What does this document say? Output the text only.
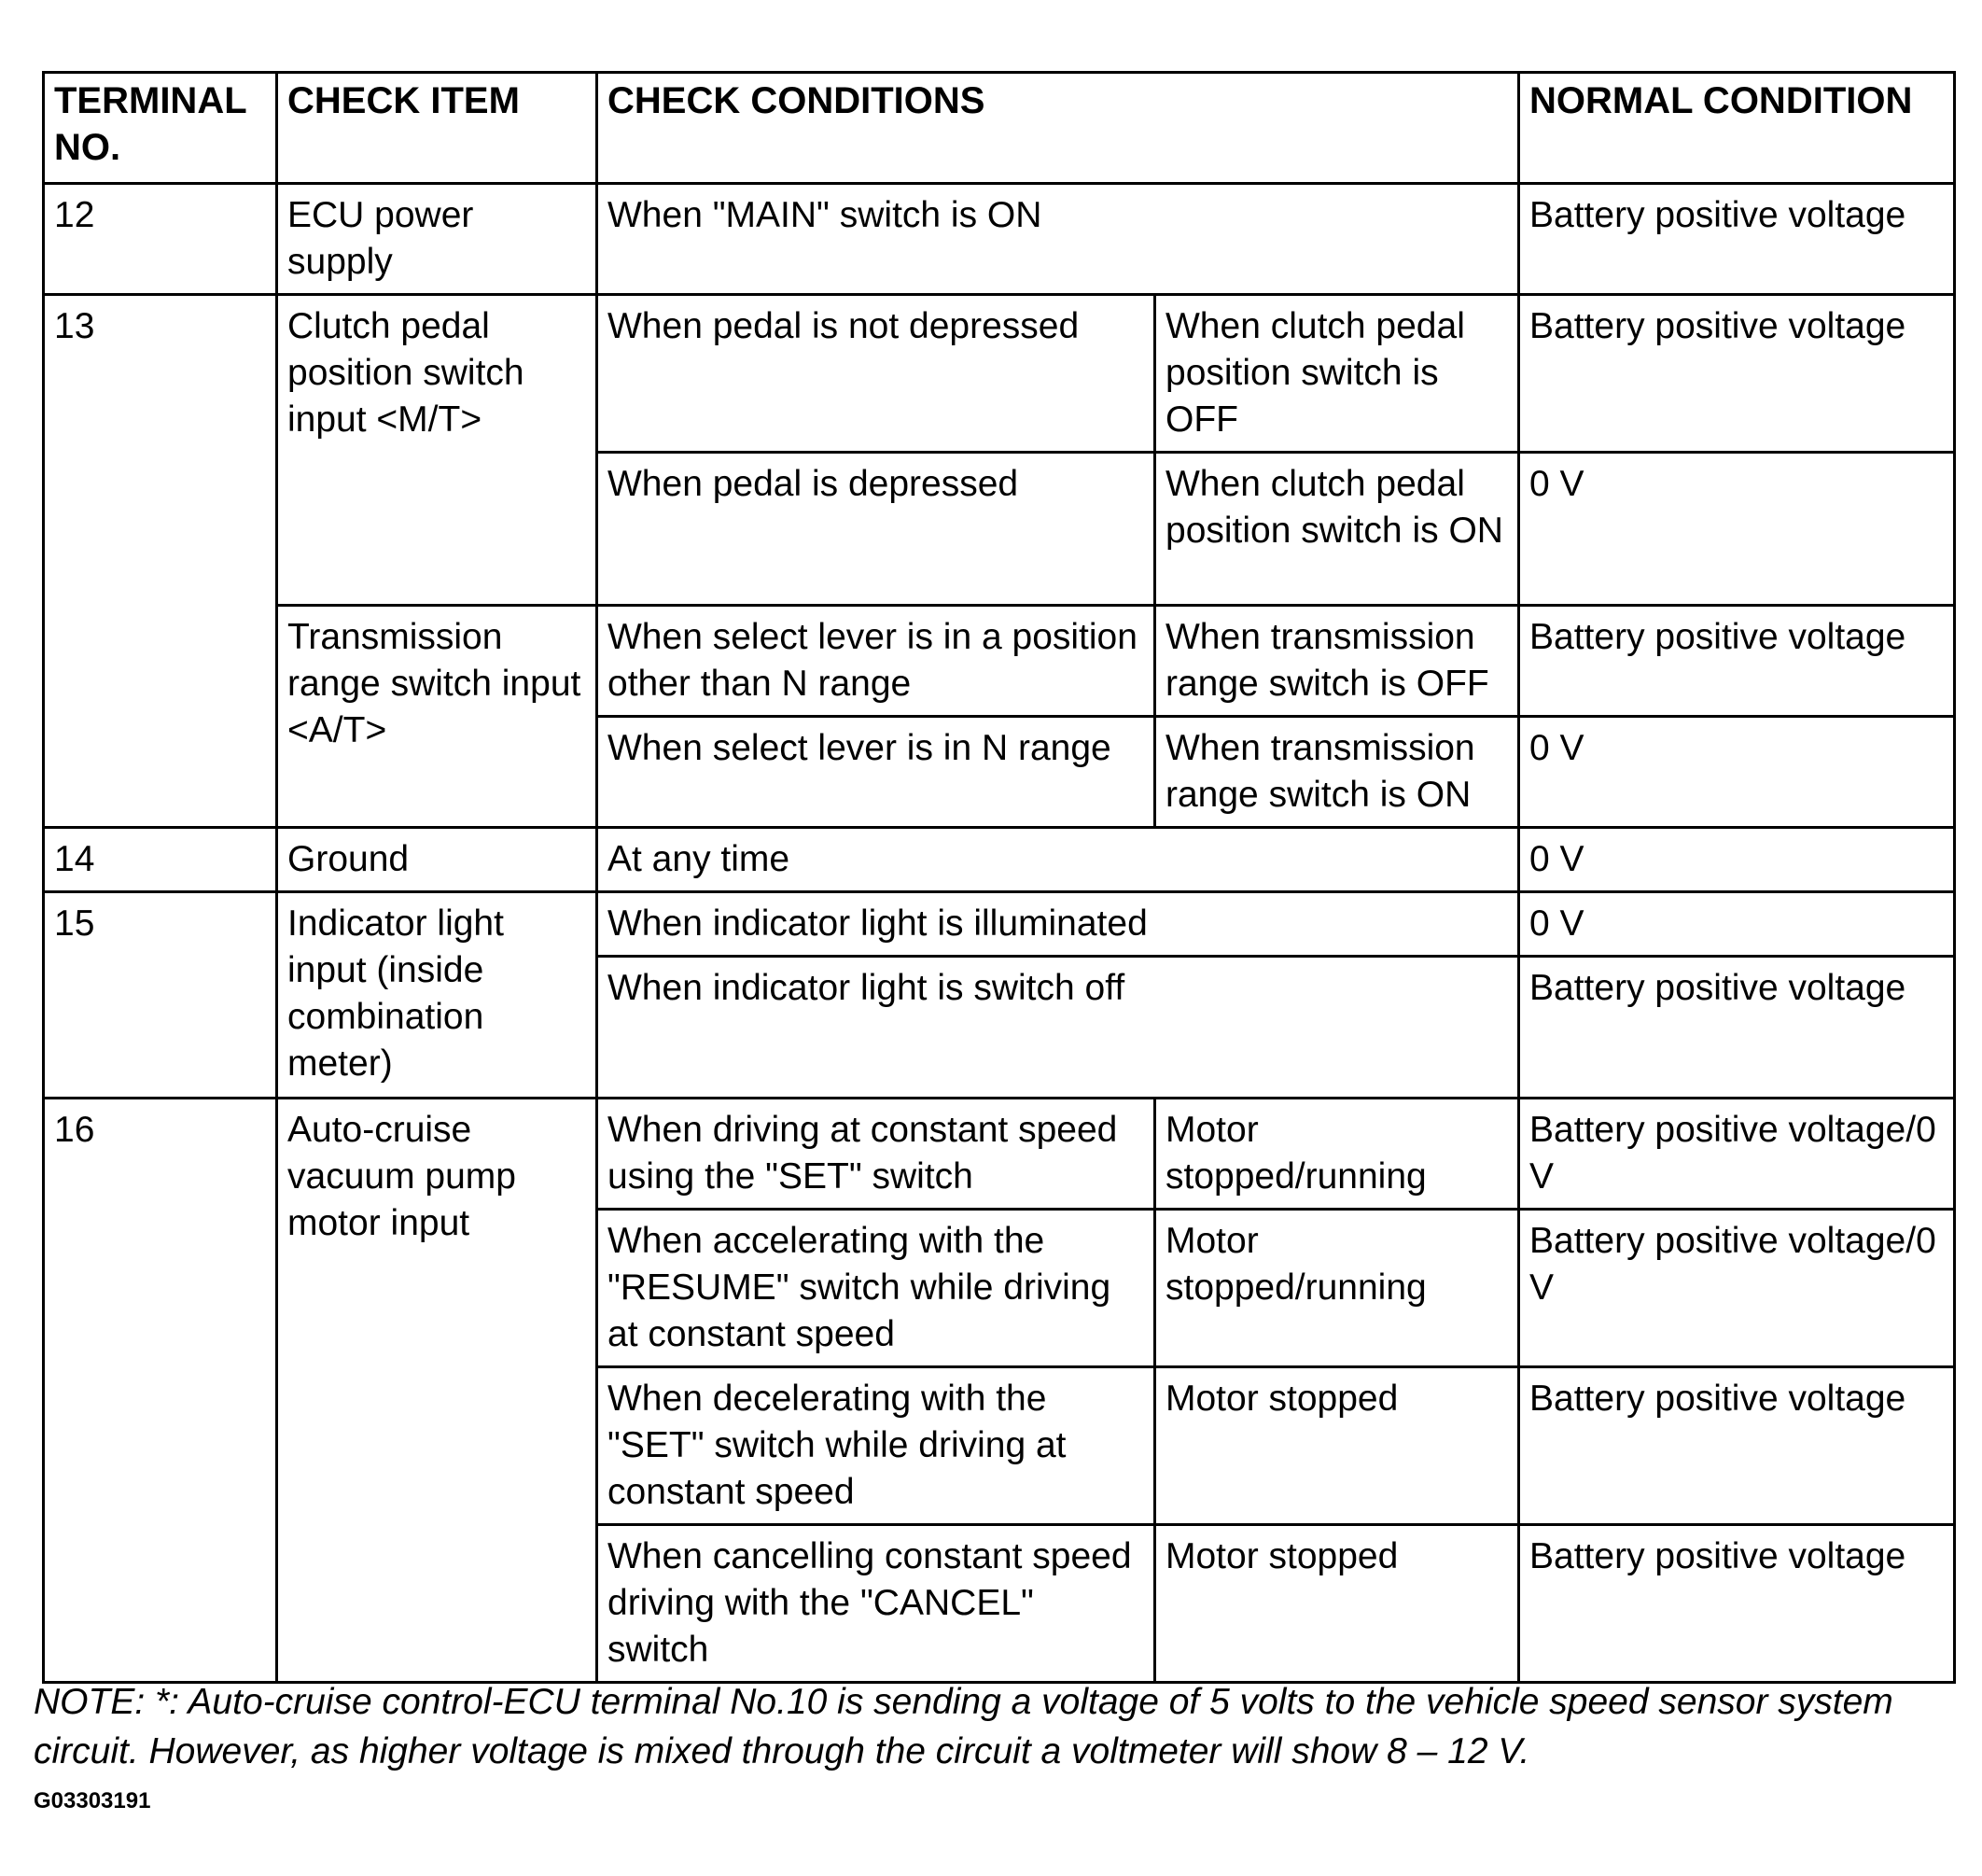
TERMINAL NO.	CHECK ITEM	CHECK CONDITIONS		NORMAL CONDITION
12	ECU power supply	When "MAIN" switch is ON		Battery positive voltage
13	Clutch pedal position switch input <M/T>	When pedal is not depressed	When clutch pedal position switch is OFF	Battery positive voltage
		When pedal is depressed	When clutch pedal position switch is ON	0 V
	Transmission range switch input <A/T>	When select lever is in a position other than N range	When transmission range switch is OFF	Battery positive voltage
		When select lever is in N range	When transmission range switch is ON	0 V
14	Ground	At any time		0 V
15	Indicator light input (inside combination meter)	When indicator light is illuminated		0 V
		When indicator light is switch off		Battery positive voltage
16	Auto-cruise vacuum pump motor input	When driving at constant speed using the "SET" switch	Motor stopped/running	Battery positive voltage/0 V
		When accelerating with the "RESUME" switch while driving at constant speed	Motor stopped/running	Battery positive voltage/0 V
		When decelerating with the "SET" switch while driving at constant speed	Motor stopped	Battery positive voltage
		When cancelling constant speed driving with the "CANCEL" switch	Motor stopped	Battery positive voltage

NOTE: *: Auto-cruise control-ECU terminal No.10 is sending a voltage of 5 volts to the vehicle speed sensor system circuit. However, as higher voltage is mixed through the circuit a voltmeter will show 8 – 12 V.

G03303191
